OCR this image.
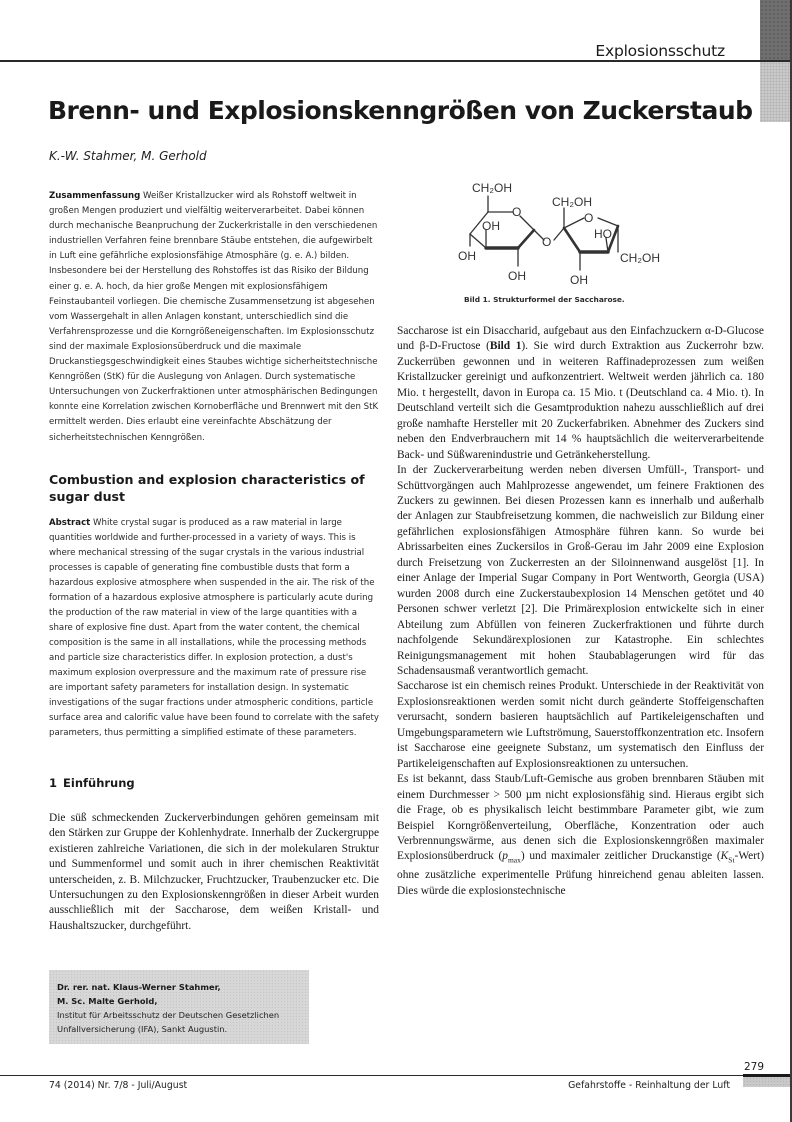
Explosionsschutz
Brenn- und Explosionskenngrößen von Zuckerstaub
K.-W. Stahmer, M. Gerhold
Zusammenfassung Weißer Kristallzucker wird als Rohstoff weltweit in großen Mengen produziert und vielfältig weiterverarbeitet. Dabei können durch mechanische Beanpruchung der Zuckerkristalle in den verschiedenen industriellen Verfahren feine brennbare Stäube entstehen, die aufgewirbelt in Luft eine gefährliche explosionsfähige Atmosphäre (g. e. A.) bilden. Insbesondere bei der Herstellung des Rohstoffes ist das Risiko der Bildung einer g. e. A. hoch, da hier große Mengen mit explosionsfähigem Feinstaubanteil vorliegen. Die chemische Zusammensetzung ist abgesehen vom Wassergehalt in allen Anlagen konstant, unterschiedlich sind die Verfahrensprozesse und die Korngrößeneigenschaften. Im Explosionsschutz sind der maximale Explosionsüberdruck und die maximale Druckanstiegsgeschwindigkeit eines Staubes wichtige sicherheitstechnische Kenngrößen (StK) für die Auslegung von Anlagen. Durch systematische Untersuchungen von Zuckerfraktionen unter atmosphärischen Bedingungen konnte eine Korrelation zwischen Kornoberfläche und Brennwert mit den StK ermittelt werden. Dies erlaubt eine vereinfachte Abschätzung der sicherheitstechnischen Kenngrößen.
Combustion and explosion characteristics of sugar dust
Abstract White crystal sugar is produced as a raw material in large quantities worldwide and further-processed in a variety of ways. This is where mechanical stressing of the sugar crystals in the various industrial processes is capable of generating fine combustible dusts that form a hazardous explosive atmosphere when suspended in the air. The risk of the formation of a hazardous explosive atmosphere is particularly acute during the production of the raw material in view of the large quantities with a share of explosive fine dust. Apart from the water content, the chemical composition is the same in all installations, while the processing methods and particle size characteristics differ. In explosion protection, a dust's maximum explosion overpressure and the maximum rate of pressure rise are important safety parameters for installation design. In systematic investigations of the sugar fractions under atmospheric conditions, particle surface area and calorific value have been found to correlate with the safety parameters, thus permitting a simplified estimate of these parameters.
1 Einführung
Die süß schmeckenden Zuckerverbindungen gehören gemeinsam mit den Stärken zur Gruppe der Kohlenhydrate. Innerhalb der Zuckergruppe existieren zahlreiche Variationen, die sich in der molekularen Struktur und Summenformel und somit auch in ihrer chemischen Reaktivität unterscheiden, z. B. Milchzucker, Fruchtzucker, Traubenzucker etc. Die Untersuchungen zu den Explosionskenngrößen in dieser Arbeit wurden ausschließlich mit der Saccharose, dem weißen Kristall- und Haushaltszucker, durchgeführt.
Dr. rer. nat. Klaus-Werner Stahmer,
M. Sc. Malte Gerhold,
Institut für Arbeitsschutz der Deutschen Gesetzlichen
Unfallversicherung (IFA), Sankt Augustin.
CH₂OH
O
OH
OH
OH
O
CH₂OH
O
HO
CH₂OH
OH
Bild 1. Strukturformel der Saccharose.

Saccharose ist ein Disaccharid, aufgebaut aus den Einfachzuckern α-D-Glucose und β-D-Fructose (Bild 1). Sie wird durch Extraktion aus Zuckerrohr bzw. Zuckerrüben gewonnen und in weiteren Raffinadeprozessen zum weißen Kristallzucker gereinigt und aufkonzentriert. Weltweit werden jährlich ca. 180 Mio. t hergestellt, davon in Europa ca. 15 Mio. t (Deutschland ca. 4 Mio. t). In Deutschland verteilt sich die Gesamtproduktion nahezu ausschließlich auf drei große namhafte Hersteller mit 20 Zuckerfabriken. Abnehmer des Zuckers sind neben den Endverbrauchern mit 14 % hauptsächlich die weiterverarbeitende Back- und Süßwarenindustrie und Getränkeherstellung.

In der Zuckerverarbeitung werden neben diversen Umfüll-, Transport- und Schüttvorgängen auch Mahlprozesse angewendet, um feinere Fraktionen des Zuckers zu gewinnen. Bei diesen Prozessen kann es innerhalb und außerhalb der Anlagen zur Staubfreisetzung kommen, die nachweislich zur Bildung einer gefährlichen explosionsfähigen Atmosphäre führen kann. So wurde bei Abrissarbeiten eines Zuckersilos in Groß-Gerau im Jahr 2009 eine Explosion durch Freisetzung von Zuckerresten an der Siloinnenwand ausgelöst [1]. In einer Anlage der Imperial Sugar Company in Port Wentworth, Georgia (USA) wurden 2008 durch eine Zuckerstaubexplosion 14 Menschen getötet und 40 Personen schwer verletzt [2]. Die Primärexplosion entwickelte sich in einer Abteilung zum Abfüllen von feineren Zuckerfraktionen und führte durch nachfolgende Sekundärexplosionen zur Katastrophe. Ein schlechtes Reinigungsmanagement mit hohen Staubablagerungen wird für das Schadensausmaß verantwortlich gemacht.

Saccharose ist ein chemisch reines Produkt. Unterschiede in der Reaktivität von Explosionsreaktionen werden somit nicht durch geänderte Stoffeigenschaften verursacht, sondern basieren hauptsächlich auf Partikeleigenschaften und Umgebungsparametern wie Luftströmung, Sauerstoffkonzentration etc. Insofern ist Saccharose eine geeignete Substanz, um systematisch den Einfluss der Partikeleigenschaften auf Explosionsreaktionen zu untersuchen.

Es ist bekannt, dass Staub/Luft-Gemische aus groben brennbaren Stäuben mit einem Durchmesser > 500 µm nicht explosionsfähig sind. Hieraus ergibt sich die Frage, ob es physikalisch leicht bestimmbare Parameter gibt, wie zum Beispiel Korngrößenverteilung, Oberfläche, Konzentration oder auch Verbrennungswärme, aus denen sich die Explosionskenngrößen maximaler Explosionsüberdruck $(p_{max})$ und maximaler zeitlicher Druckanstige $(K_{St}-Wert)$ ohne zusätzliche experimentelle Prüfung hinreichend genau ableiten lassen. Dies würde die explosionstechnische

279
74 (2014) Nr. 7/8 - Juli/August	Gefahrstoffe - Reinhaltung der Luft
